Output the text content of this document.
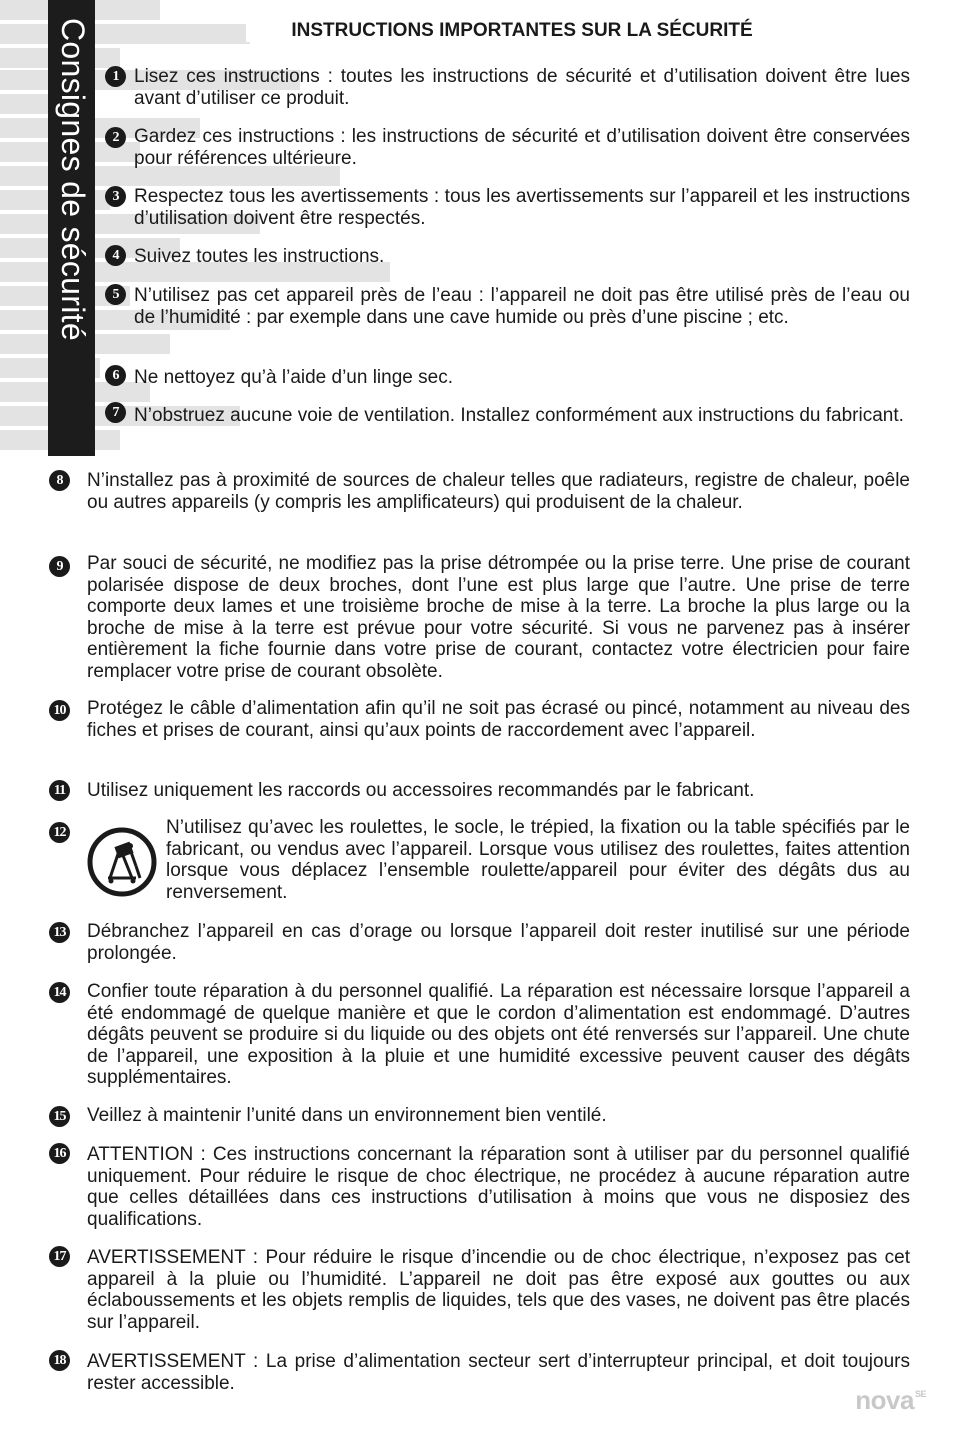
Consignes de sécurité	INSTRUCTIONS IMPORTANTES SUR LA SÉCURITÉ
1 Lisez ces instructions : toutes les instructions de sécurité et d’utilisation doivent être lues avant d’utiliser ce produit.
2 Gardez ces instructions : les instructions de sécurité et d’utilisation doivent être conservées pour références ultérieure.
3 Respectez tous les avertissements : tous les avertissements sur l’appareil et les instructions d’utilisation doivent être respectés.
4 Suivez toutes les instructions.
5 N’utilisez pas cet appareil près de l’eau : l’appareil ne doit pas être utilisé près de l’eau ou de l’humidité : par exemple dans une cave humide ou près d’une piscine ; etc.
6 Ne nettoyez qu’à l’aide d’un linge sec.
7 N’obstruez aucune voie de ventilation. Installez conformément aux instructions du fabricant.
8	N’installez pas à proximité de sources de chaleur telles que radiateurs, registre de chaleur, poêle ou autres appareils (y compris les amplificateurs) qui produisent de la chaleur.
9	Par souci de sécurité, ne modifiez pas la prise détrompée ou la prise terre. Une prise de courant polarisée dispose de deux broches, dont l’une est plus large que l’autre. Une prise de terre comporte deux lames et une troisième broche de mise à la terre. La broche la plus large ou la broche de mise à la terre est prévue pour votre sécurité. Si vous ne parvenez pas à insérer entièrement la fiche fournie dans votre prise de courant, contactez votre électricien pour faire remplacer votre prise de courant obsolète.
10 Protégez le câble d’alimentation afin qu’il ne soit pas écrasé ou pincé, notamment au niveau des fiches et prises de courant, ainsi qu’aux points de raccordement avec l’appareil.
11 Utilisez uniquement les raccords ou accessoires recommandés par le fabricant.
12	N’utilisez qu’avec les roulettes, le socle, le trépied, la fixation ou la table spécifiés par le fabricant, ou vendus avec l’appareil. Lorsque vous utilisez des roulettes, faites attention lorsque vous déplacez l’ensemble roulette/appareil pour éviter des dégâts dus au renversement.
13 Débranchez l’appareil en cas d’orage ou lorsque l’appareil doit rester inutilisé sur une période prolongée.
14 Confier toute réparation à du personnel qualifié. La réparation est nécessaire lorsque l’appareil a été endommagé de quelque manière et que le cordon d’alimentation est endommagé. D’autres dégâts peuvent se produire si du liquide ou des objets ont été renversés sur l’appareil. Une chute de l’appareil, une exposition à la pluie et une humidité excessive peuvent causer des dégâts supplémentaires.
15 Veillez à maintenir l’unité dans un environnement bien ventilé.
16 ATTENTION : Ces instructions concernant la réparation sont à utiliser par du personnel qualifié uniquement. Pour réduire le risque de choc électrique, ne procédez à aucune réparation autre que celles détaillées dans ces instructions d’utilisation à moins que vous ne disposiez des qualifications.
17 AVERTISSEMENT : Pour réduire le risque d’incendie ou de choc électrique, n’exposez pas cet appareil à la pluie ou l’humidité. L’appareil ne doit pas être exposé aux gouttes ou aux éclaboussements et les objets remplis de liquides, tels que des vases, ne doivent pas être placés sur l’appareil.
18 AVERTISSEMENT : La prise d’alimentation secteur sert d’interrupteur principal, et doit toujours rester accessible.
nova$^{SE}$
